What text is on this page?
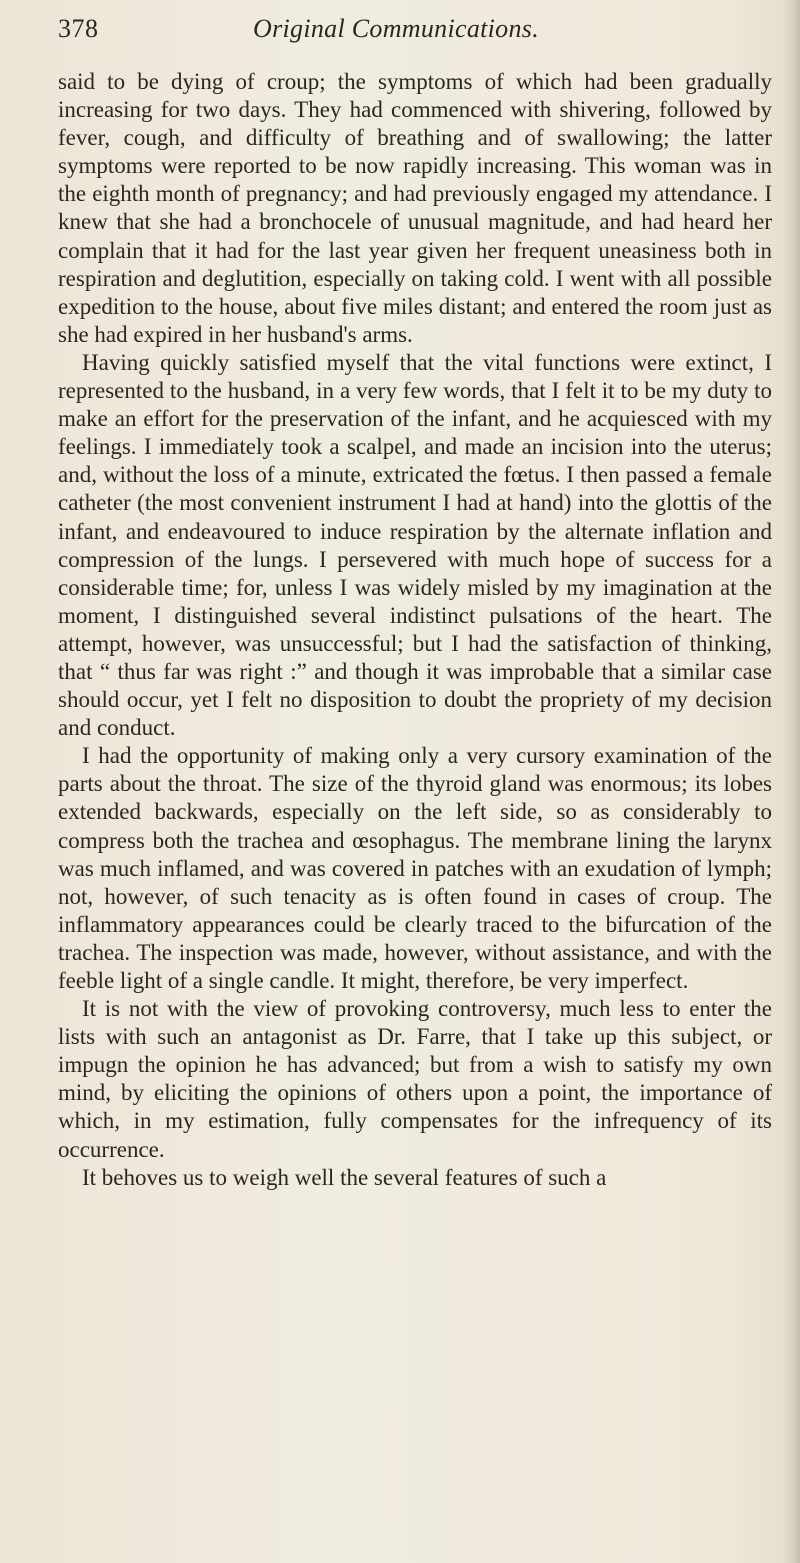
378	Original Communications.

said to be dying of croup; the symptoms of which had been gradually increasing for two days. They had commenced with shivering, followed by fever, cough, and difficulty of breathing and of swallowing; the latter symptoms were reported to be now rapidly increasing. This woman was in the eighth month of pregnancy; and had previously engaged my attendance. I knew that she had a bronchocele of unusual magnitude, and had heard her complain that it had for the last year given her frequent uneasiness both in respiration and deglutition, especially on taking cold. I went with all possible expedition to the house, about five miles distant; and entered the room just as she had expired in her husband's arms.

Having quickly satisfied myself that the vital functions were extinct, I represented to the husband, in a very few words, that I felt it to be my duty to make an effort for the preservation of the infant, and he acquiesced with my feelings. I immediately took a scalpel, and made an incision into the uterus; and, without the loss of a minute, extricated the fœtus. I then passed a female catheter (the most convenient instrument I had at hand) into the glottis of the infant, and endeavoured to induce respiration by the alternate inflation and compression of the lungs. I persevered with much hope of success for a considerable time; for, unless I was widely misled by my imagination at the moment, I distinguished several indistinct pulsations of the heart. The attempt, however, was unsuccessful; but I had the satisfaction of thinking, that “ thus far was right :” and though it was improbable that a similar case should occur, yet I felt no disposition to doubt the propriety of my decision and conduct.

I had the opportunity of making only a very cursory examination of the parts about the throat. The size of the thyroid gland was enormous; its lobes extended backwards, especially on the left side, so as considerably to compress both the trachea and œsophagus. The membrane lining the larynx was much inflamed, and was covered in patches with an exudation of lymph; not, however, of such tenacity as is often found in cases of croup. The inflammatory appearances could be clearly traced to the bifurcation of the trachea. The inspection was made, however, without assistance, and with the feeble light of a single candle. It might, therefore, be very imperfect.

It is not with the view of provoking controversy, much less to enter the lists with such an antagonist as Dr. Farre, that I take up this subject, or impugn the opinion he has advanced; but from a wish to satisfy my own mind, by eliciting the opinions of others upon a point, the importance of which, in my estimation, fully compensates for the infrequency of its occurrence.

It behoves us to weigh well the several features of such a
